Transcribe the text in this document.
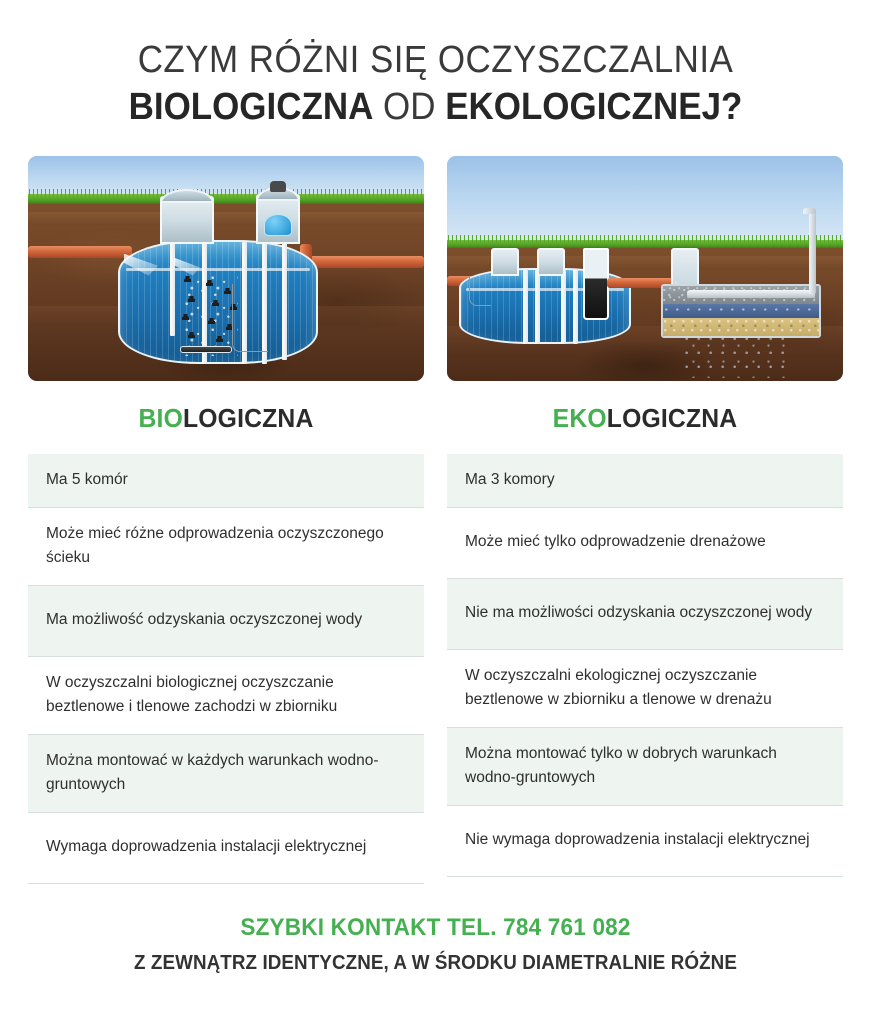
CZYM RÓŻNI SIĘ OCZYSZCZALNIA
BIOLOGICZNA OD EKOLOGICZNEJ?
BIOLOGICZNA	EKOLOGICZNA
Ma 5 komór
Może mieć różne odprowadzenia oczyszczonego ścieku
Ma możliwość odzyskania oczyszczonej wody
W oczyszczalni biologicznej oczyszczanie beztlenowe i tlenowe zachodzi w zbiorniku
Można montować w każdych warunkach wodno-gruntowych
Wymaga doprowadzenia instalacji elektrycznej
Ma 3 komory
Może mieć tylko odprowadzenie drenażowe
Nie ma możliwości odzyskania oczyszczonej wody
W oczyszczalni ekologicznej oczyszczanie beztlenowe w zbiorniku a tlenowe w drenażu
Można montować tylko w dobrych warunkach wodno-gruntowych
Nie wymaga doprowadzenia instalacji elektrycznej
SZYBKI KONTAKT TEL. 784 761 082
Z ZEWNĄTRZ IDENTYCZNE, A W ŚRODKU DIAMETRALNIE RÓŻNE
